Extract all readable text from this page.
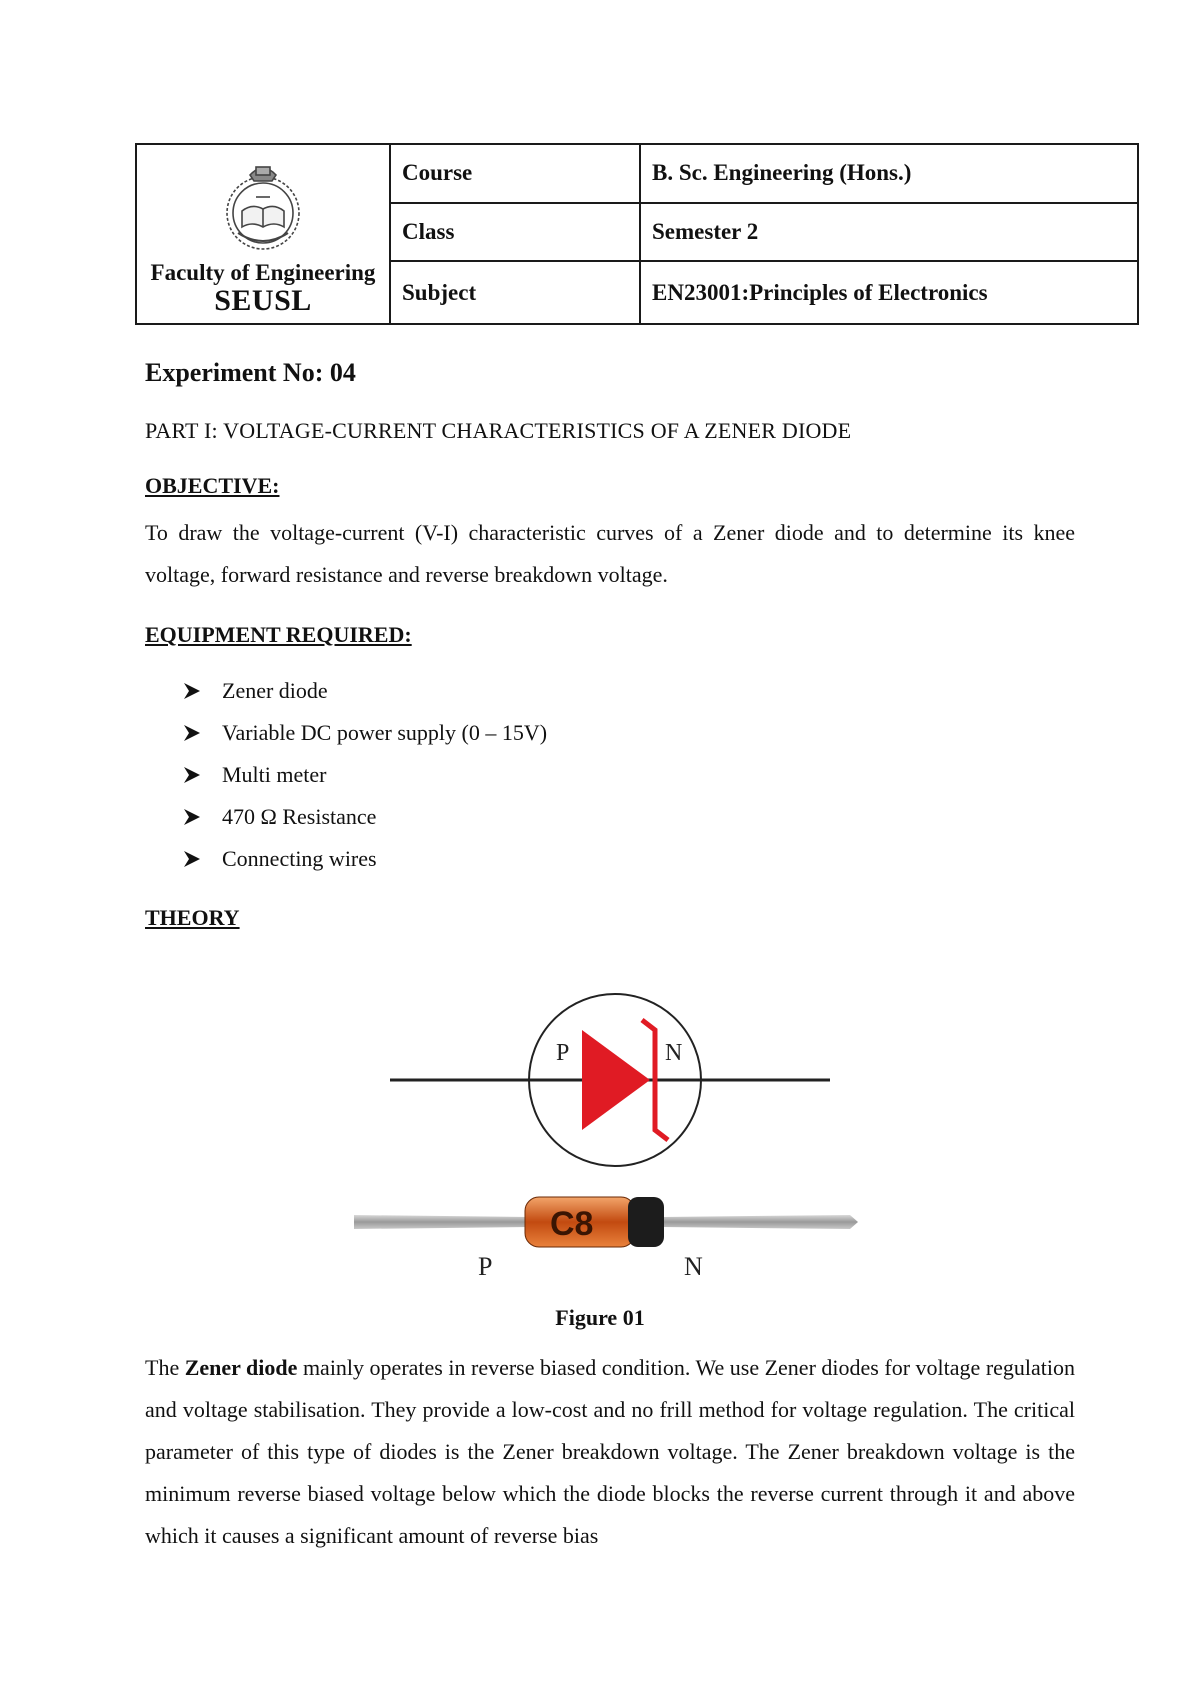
Faculty of Engineering
SEUSL	Course	B. Sc. Engineering (Hons.)
	Class	Semester 2
	Subject	EN23001:Principles of Electronics
Experiment No: 04
PART I: VOLTAGE-CURRENT CHARACTERISTICS OF A ZENER DIODE
OBJECTIVE:

To draw the voltage-current (V-I) characteristic curves of a Zener diode and to determine its knee voltage, forward resistance and reverse breakdown voltage.

EQUIPMENT REQUIRED:
Zener diode
Variable DC power supply (0 – 15V)
Multi meter
470 Ω Resistance
Connecting wires
THEORY
P	N
C8
P	N
Figure 01

The Zener diode mainly operates in reverse biased condition. We use Zener diodes for voltage regulation and voltage stabilisation. They provide a low-cost and no frill method for voltage regulation. The critical parameter of this type of diodes is the Zener breakdown voltage. The Zener breakdown voltage is the minimum reverse biased voltage below which the diode blocks the reverse current through it and above which it causes a significant amount of reverse bias
